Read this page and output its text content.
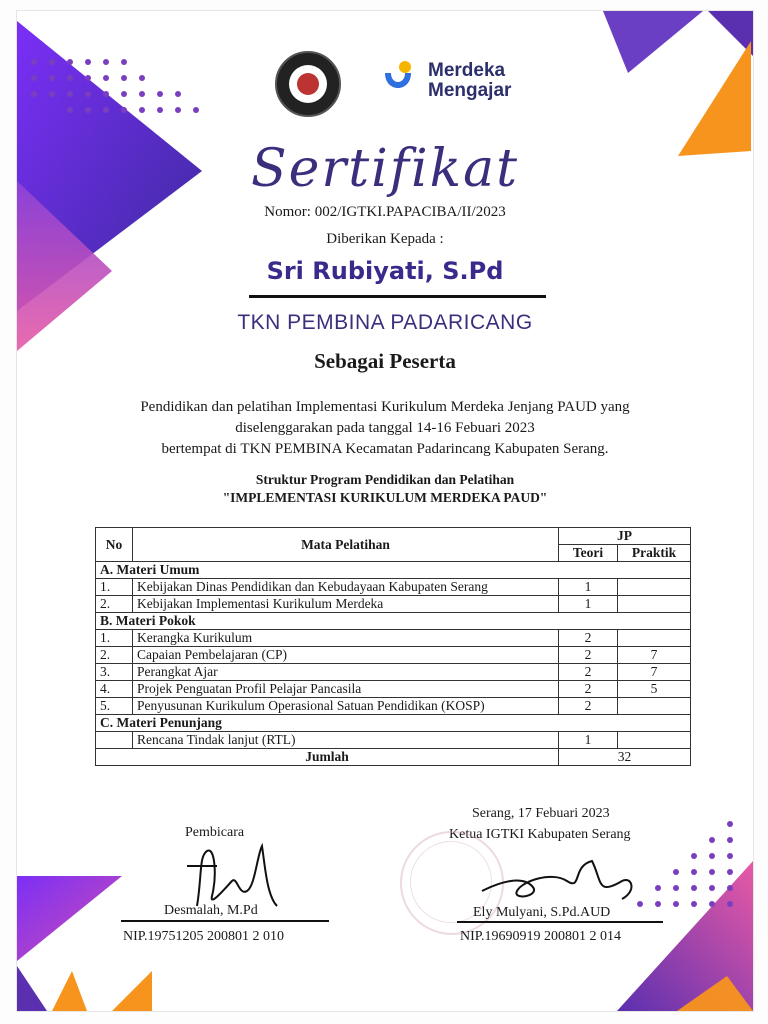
Merdeka
Mengajar
Sertifikat
Nomor: 002/IGTKI.PAPACIBA/II/2023
Diberikan Kepada :
Sri Rubiyati, S.Pd
TKN PEMBINA PADARICANG
Sebagai Peserta
Pendidikan dan pelatihan Implementasi Kurikulum Merdeka Jenjang PAUD yang
diselenggarakan pada tanggal 14-16 Febuari 2023
bertempat di TKN PEMBINA Kecamatan Padarincang Kabupaten Serang.
Struktur Program Pendidikan dan Pelatihan
"IMPLEMENTASI KURIKULUM MERDEKA PAUD"
No	Mata Pelatihan	JP	
		Teori	Praktik
A. Materi Umum			
1.	Kebijakan Dinas Pendidikan dan Kebudayaan Kabupaten Serang	1	
2.	Kebijakan Implementasi Kurikulum Merdeka	1	
B. Materi Pokok			
1.	Kerangka Kurikulum	2	
2.	Capaian Pembelajaran (CP)	2	7
3.	Perangkat Ajar	2	7
4.	Projek Penguatan Profil Pelajar Pancasila	2	5
5.	Penyusunan Kurikulum Operasional Satuan Pendidikan (KOSP)	2	
C. Materi Penunjang			
	Rencana Tindak lanjut (RTL)	1	
Jumlah		32	
Serang, 17 Febuari 2023
Pembicara	Ketua IGTKI Kabupaten Serang
Desmalah, M.Pd
NIP.19751205 200801 2 010
Ely Mulyani, S.Pd.AUD
NIP.19690919 200801 2 014
